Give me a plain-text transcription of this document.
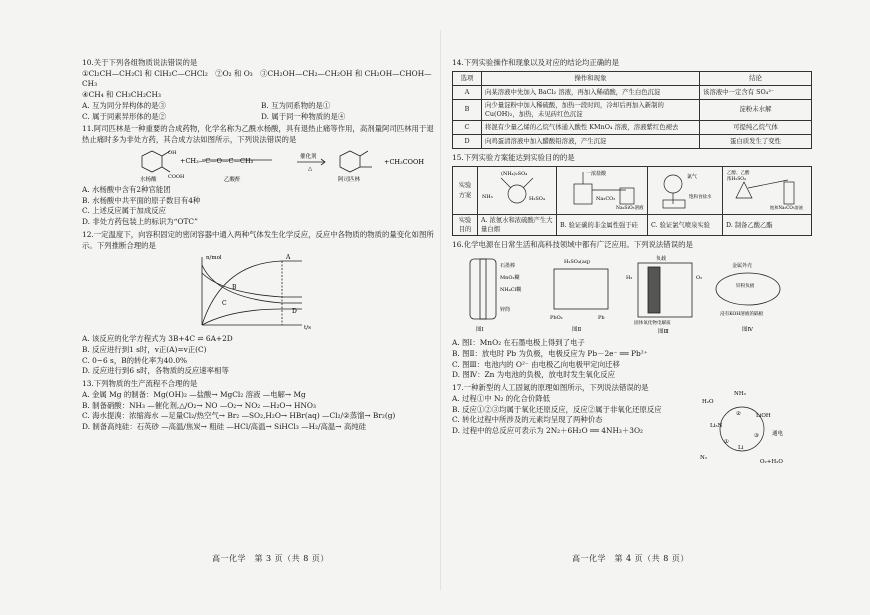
10.关于下列各组物质说法错误的是

①Cl₂CH—CH₂Cl 和 ClH₂C—CHCl₂　②O₂ 和 O₃　③CH₂OH—CH₂—CH₂OH 和 CH₂OH—CHOH—CH₃

④CH₄ 和 CH₃CH₂CH₃

A. 互为同分异构体的是③	B. 互为同系物的是①
C. 属于同素异形体的是②	D. 属于同一种物质的是④

11.阿司匹林是一种重要的合成药物，化学名称为乙酰水杨酸，具有退热止痛等作用，高剂量阿司匹林用于退热止痛时多为非处方药，其合成方法如图所示，下列说法错误的是

OH
COOH
+CH₃—C—O—C—CH₃	催化剂
△
+CH₃COOH
水杨酸	乙酸酐	阿司匹林

A. 水杨酸中含有2种官能团

B. 水杨酸中共平面的原子数目有4种

C. 上述反应属于加成反应

D. 非处方药包装上的标识为“OTC”

12.一定温度下，向容积固定的密闭容器中通入两种气体发生化学反应，反应中各物质的物质的量变化如图所示。下列推断合理的是

n/mol
t/s
A
B
C
D

A. 该反应的化学方程式为 3B+4C ⇌ 6A+2D

B. 反应进行到1 s时，v正(A)=v正(C)

C. 0~6 s，B的转化率为40.0%

D. 反应进行到6 s时，各物质的反应速率相等

13.下列物质的生产流程不合理的是

A. 金属 Mg 的制备：Mg(OH)₂ —盐酸→ MgCl₂ 溶液 —电解→ Mg

B. 制备硝酸：NH₃ —催化剂,△/O₂→ NO —O₂→ NO₂ —H₂O→ HNO₃

C. 海水提溴：浓缩海水 —足量Cl₂/热空气→ Br₂ —SO₂,H₂O→ HBr(aq) —Cl₂/②蒸馏→ Br₂(g)

D. 制备高纯硅：石英砂 —高温/焦炭→ 粗硅 —HCl/高温→ SiHCl₃ —H₂/高温→ 高纯硅

14.下列实验操作和现象以及对应的结论均正确的是

选项	操作和现象	结论
A	向某溶液中先加入 BaCl₂ 溶液，再加入稀硝酸，产生白色沉淀	该溶液中一定含有 SO₄²⁻
B	向少量淀粉中加入稀硫酸，加热一段时间，冷却后再加入新制的 Cu(OH)₂，加热，未见砖红色沉淀	淀粉未水解
C	将混有少量乙烯的乙烷气体通入酸性 KMnO₄ 溶液，溶液紫红色褪去	可提纯乙烷气体
D	向鸡蛋清溶液中加入醋酸铅溶液，产生沉淀	蛋白质发生了变性

15.下列实验方案能达到实验目的的是

实验方案	(NH₄)₂SO₄
NH₃ H₂SO₄	一浓盐酸
Na₂CO₃
Na₂SiO₃溶液	氯气
饱和食盐水	乙醇、乙酸
浓H₂SO₄
饱和Na₂CO₃溶液

实验目的	A. 浓氨水和浓硫酸产生大量白烟	B. 验证碳的非金属性强于硅	C. 验证氯气喷泉实验	D. 制备乙酸乙酯

16.化学电源在日常生活和高科技领域中都有广泛应用。下列说法错误的是

石墨棒
MnO₂糊
NH₄Cl糊
锌筒
图Ⅰ
H₂SO₄(aq)
PbO₂	Pb
图Ⅱ
负载
H₂	O₂
固体氧化物电解质
图Ⅲ
金属外壳
锌粉负极
浸有KOH溶液的隔板
图Ⅳ

A. 图Ⅰ：MnO₂ 在石墨电极上得到了电子

B. 图Ⅱ：放电时 Pb 为负极，电极反应为 Pb－2e⁻ ══ Pb²⁺

C. 图Ⅲ：电池内的 O²⁻ 由电极乙向电极甲定向迁移

D. 图Ⅳ：Zn 为电池的负极，放电时发生氧化反应

17.一种新型的人工固氮的原理如图所示，下列说法错误的是

A. 过程①中 N₂ 的化合价降低

B. 反应①②③均属于氧化还原反应，反应②属于非氧化还原反应

C. 转化过程中所涉及的元素均呈现了两种价态

D. 过程中的总反应可表示为 2N₂＋6H₂O ══ 4NH₃＋3O₂

NH₃
H₂O
Li₃N
LiOH
Li
N₂
O₂+H₂O
通电
①
②
③
高一化学　第 3 页（共 8 页）	高一化学　第 4 页（共 8 页）
